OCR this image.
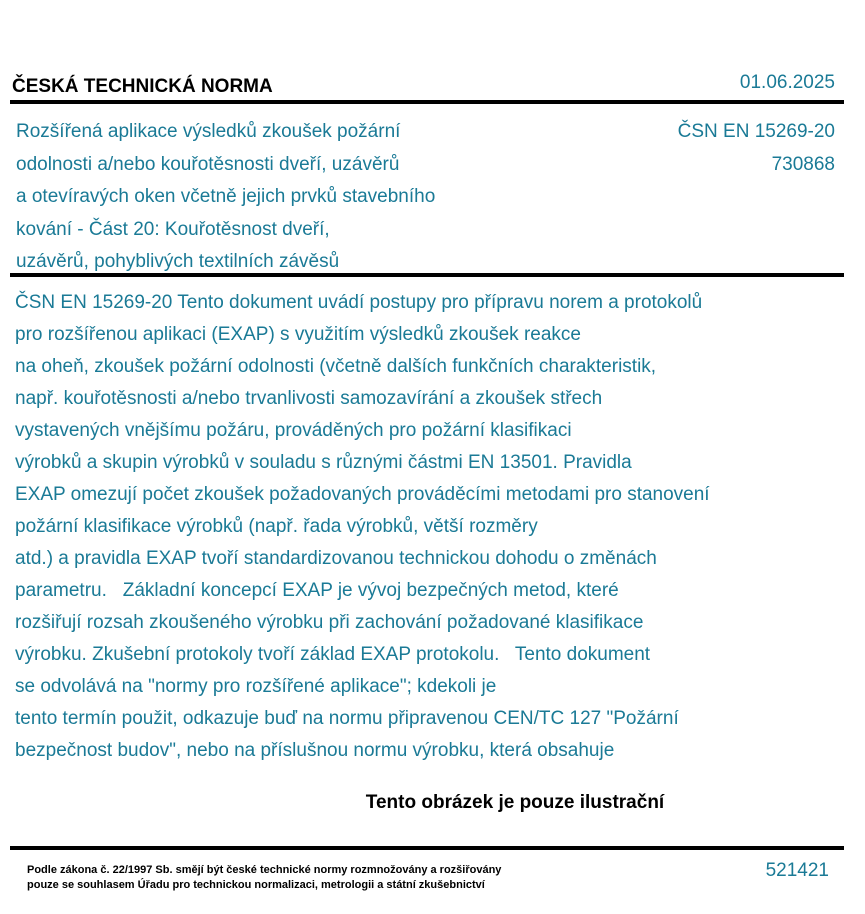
ČESKÁ TECHNICKÁ NORMA	01.06.2025
Rozšířená aplikace výsledků zkoušek požární
odolnosti a/nebo kouřotěsnosti dveří, uzávěrů
a otevíravých oken včetně jejich prvků stavebního
kování - Část 20: Kouřotěsnost dveří,
uzávěrů, pohyblivých textilních závěsů
ČSN EN 15269-20
730868
ČSN EN 15269-20 Tento dokument uvádí postupy pro přípravu norem a protokolů
pro rozšířenou aplikaci (EXAP) s využitím výsledků zkoušek reakce
na oheň, zkoušek požární odolnosti (včetně dalších funkčních charakteristik,
např. kouřotěsnosti a/nebo trvanlivosti samozavírání a zkoušek střech
vystavených vnějšímu požáru, prováděných pro požární klasifikaci
výrobků a skupin výrobků v souladu s různými částmi EN 13501. Pravidla
EXAP omezují počet zkoušek požadovaných prováděcími metodami pro stanovení
požární klasifikace výrobků (např. řada výrobků, větší rozměry
atd.) a pravidla EXAP tvoří standardizovanou technickou dohodu o změnách
parametru.   Základní koncepcí EXAP je vývoj bezpečných metod, které
rozšiřují rozsah zkoušeného výrobku při zachování požadované klasifikace
výrobku. Zkušební protokoly tvoří základ EXAP protokolu.   Tento dokument
se odvolává na "normy pro rozšířené aplikace"; kdekoli je
tento termín použit, odkazuje buď na normu připravenou CEN/TC 127 "Požární
bezpečnost budov", nebo na příslušnou normu výrobku, která obsahuje
Tento obrázek je pouze ilustrační
Podle zákona č. 22/1997 Sb. smějí být české technické normy rozmnožovány a rozšiřovány
pouze se souhlasem Úřadu pro technickou normalizaci, metrologii a státní zkušebnictví
521421
